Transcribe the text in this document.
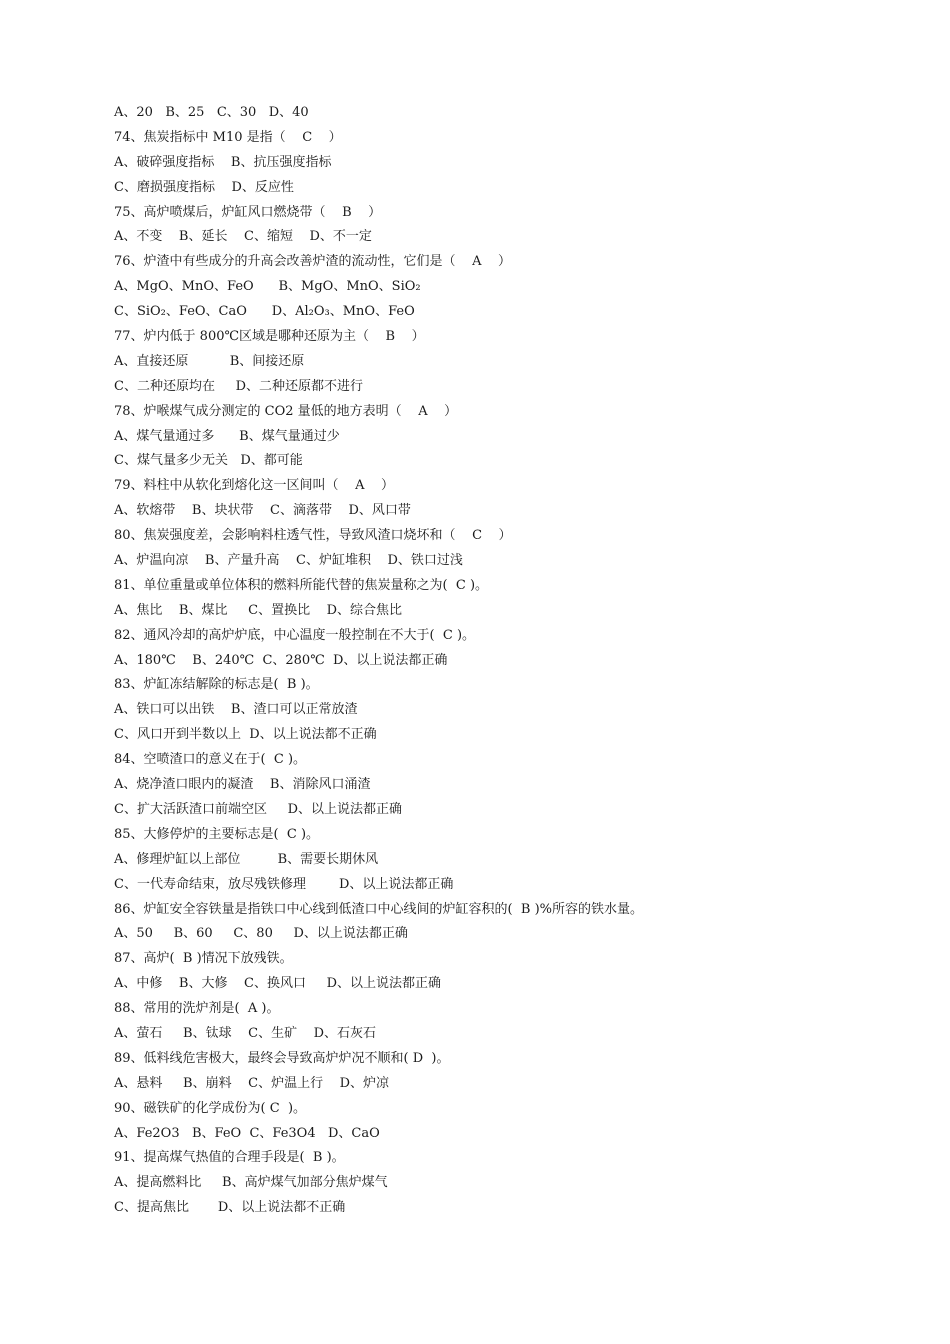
A、20   B、25   C、30   D、40
74、焦炭指标中 M10 是指（    C    ）
A、破碎强度指标    B、抗压强度指标
C、磨损强度指标    D、反应性
75、高炉喷煤后，炉缸风口燃烧带（    B    ）
A、不变    B、延长    C、缩短    D、不一定
76、炉渣中有些成分的升高会改善炉渣的流动性，它们是（    A    ）
A、MgO、MnO、FeO      B、MgO、MnO、SiO₂
C、SiO₂、FeO、CaO      D、Al₂O₃、MnO、FeO
77、炉内低于 800℃区域是哪种还原为主（    B    ）
A、直接还原          B、间接还原
C、二种还原均在     D、二种还原都不进行
78、炉喉煤气成分测定的 CO2 量低的地方表明（    A    ）
A、煤气量通过多      B、煤气量通过少
C、煤气量多少无关   D、都可能
79、料柱中从软化到熔化这一区间叫（    A    ）
A、软熔带    B、块状带    C、滴落带    D、风口带
80、焦炭强度差，会影响料柱透气性，导致风渣口烧坏和（    C    ）
A、炉温向凉    B、产量升高    C、炉缸堆积    D、铁口过浅
81、单位重量或单位体积的燃料所能代替的焦炭量称之为(  C )。
A、焦比    B、煤比     C、置换比    D、综合焦比
82、通风冷却的高炉炉底，中心温度一般控制在不大于(  C )。
A、180℃    B、240℃  C、280℃  D、以上说法都正确
83、炉缸冻结解除的标志是(  B )。
A、铁口可以出铁    B、渣口可以正常放渣
C、风口开到半数以上  D、以上说法都不正确
84、空喷渣口的意义在于(  C )。
A、烧净渣口眼内的凝渣    B、消除风口涌渣
C、扩大活跃渣口前端空区     D、以上说法都正确
85、大修停炉的主要标志是(  C )。
A、修理炉缸以上部位         B、需要长期休风
C、一代寿命结束，放尽残铁修理        D、以上说法都正确
86、炉缸安全容铁量是指铁口中心线到低渣口中心线间的炉缸容积的(  B )%所容的铁水量。
A、50     B、60     C、80     D、以上说法都正确
87、高炉(  B )情况下放残铁。
A、中修    B、大修    C、换风口     D、以上说法都正确
88、常用的洗炉剂是(  A )。
A、萤石     B、钛球    C、生矿    D、石灰石
89、低料线危害极大，最终会导致高炉炉况不顺和( D  )。
A、悬料     B、崩料    C、炉温上行    D、炉凉
90、磁铁矿的化学成份为( C  )。
A、Fe2O3   B、FeO  C、Fe3O4   D、CaO
91、提高煤气热值的合理手段是(  B )。
A、提高燃料比     B、高炉煤气加部分焦炉煤气
C、提高焦比       D、以上说法都不正确
